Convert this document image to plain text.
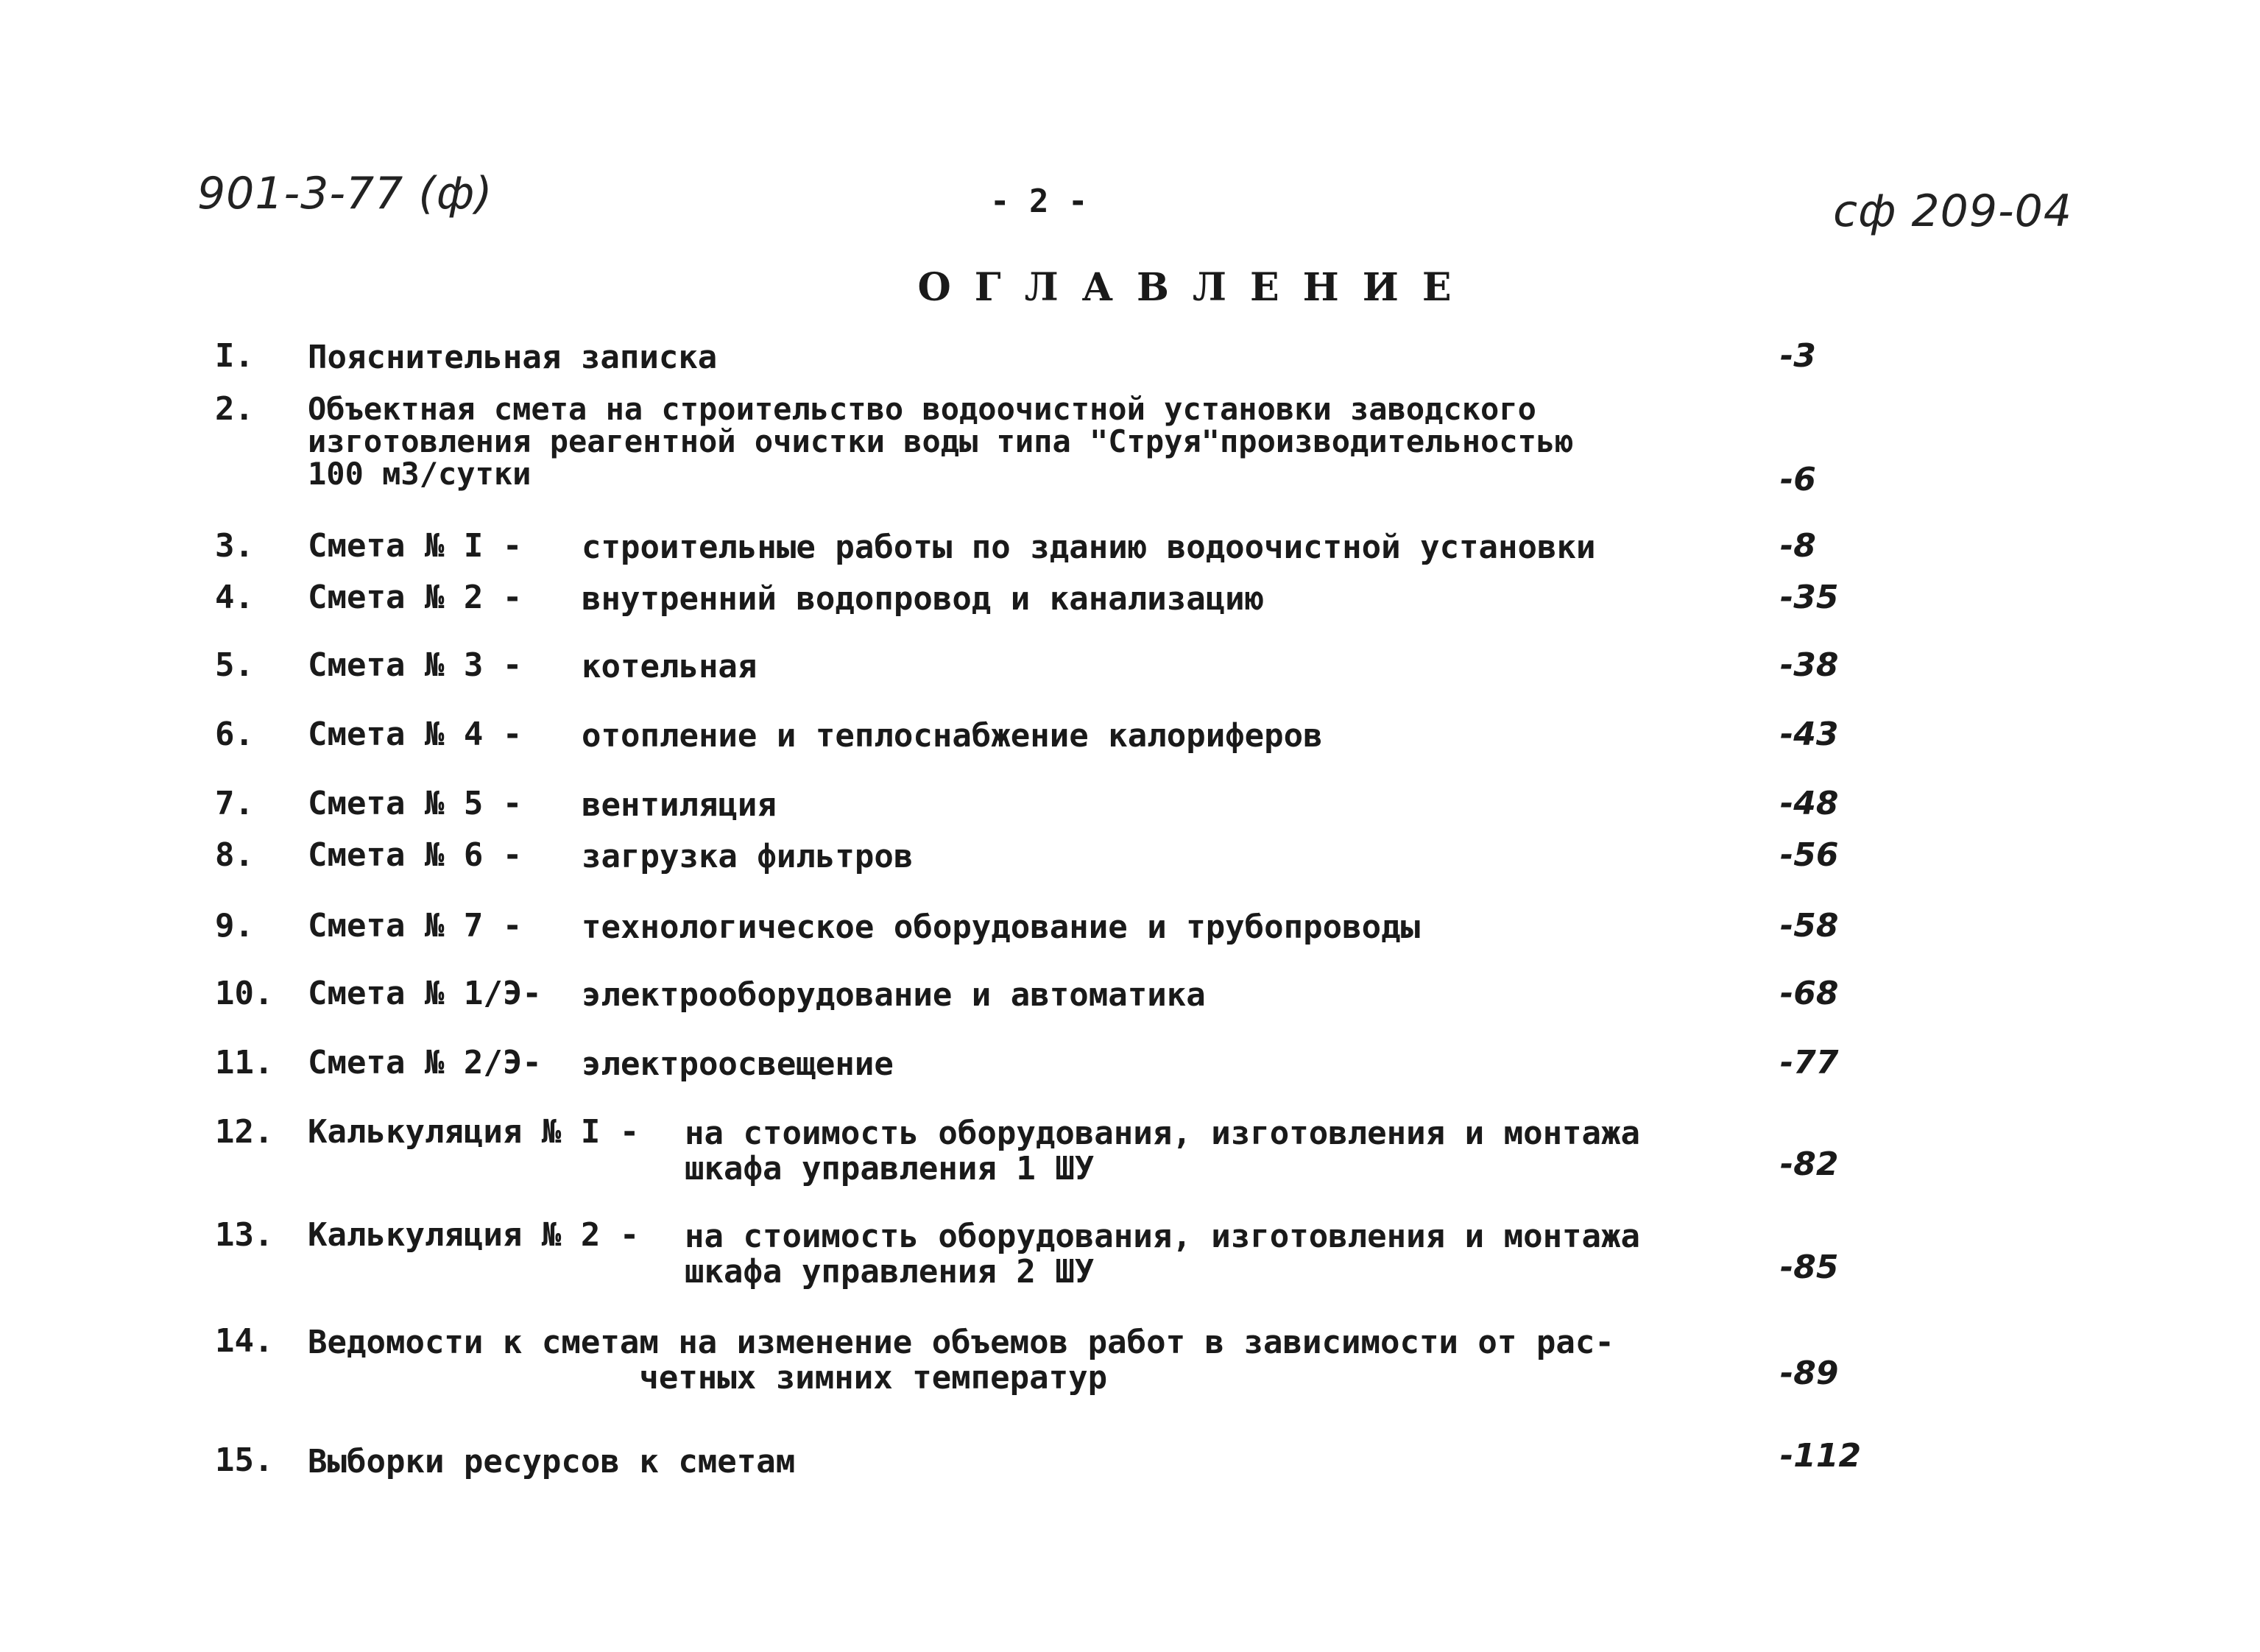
901-3-77 (ф)	- 2 -	сф 209-04
ОГЛАВЛЕНИЕ
I. Пояснительная записка	-3
2. Объектная смета на строительство водоочистной установки заводского
изготовления реагентной очистки воды типа "Струя"производительностью
100 м3/сутки	-6
3. Смета № I - строительные работы по зданию водоочистной установки	-8
4. Смета № 2 - внутренний водопровод и канализацию	-35
5. Смета № 3 - котельная	-38
6. Смета № 4 - отопление и теплоснабжение калориферов	-43
7. Смета № 5 - вентиляция	-48
8. Смета № 6 - загрузка фильтров	-56
9. Смета № 7 - технологическое оборудование и трубопроводы	-58
10. Смета № 1/Э- электрооборудование и автоматика	-68
11. Смета № 2/Э- электроосвещение	-77
12. Калькуляция № I - на стоимость оборудования, изготовления и монтажа
шкафа управления 1 ШУ	-82
13. Калькуляция № 2 - на стоимость оборудования, изготовления и монтажа
шкафа управления 2 ШУ	-85
14. Ведомости к сметам на изменение объемов работ в зависимости от рас-
четных зимних температур	-89
15. Выборки ресурсов к сметам	-112
